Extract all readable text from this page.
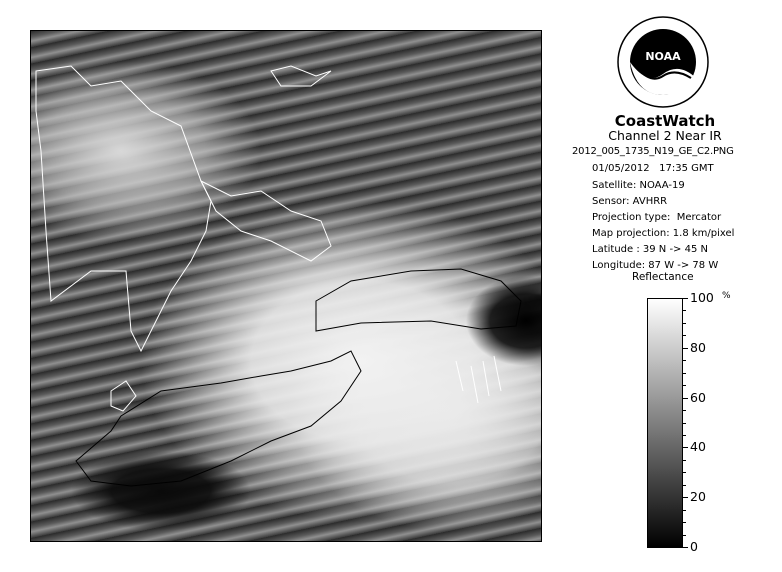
NOAA
CoastWatch
Channel 2 Near IR
2012_005_1735_N19_GE_C2.PNG
01/05/2012   17:35 GMT
Satellite: NOAA-19
Sensor: AVHRR
Projection type:  Mercator
Map projection: 1.8 km/pixel
Latitude : 39 N -> 45 N
Longitude: 87 W -> 78 W
Reflectance
%
100
80
60
40
20
0
